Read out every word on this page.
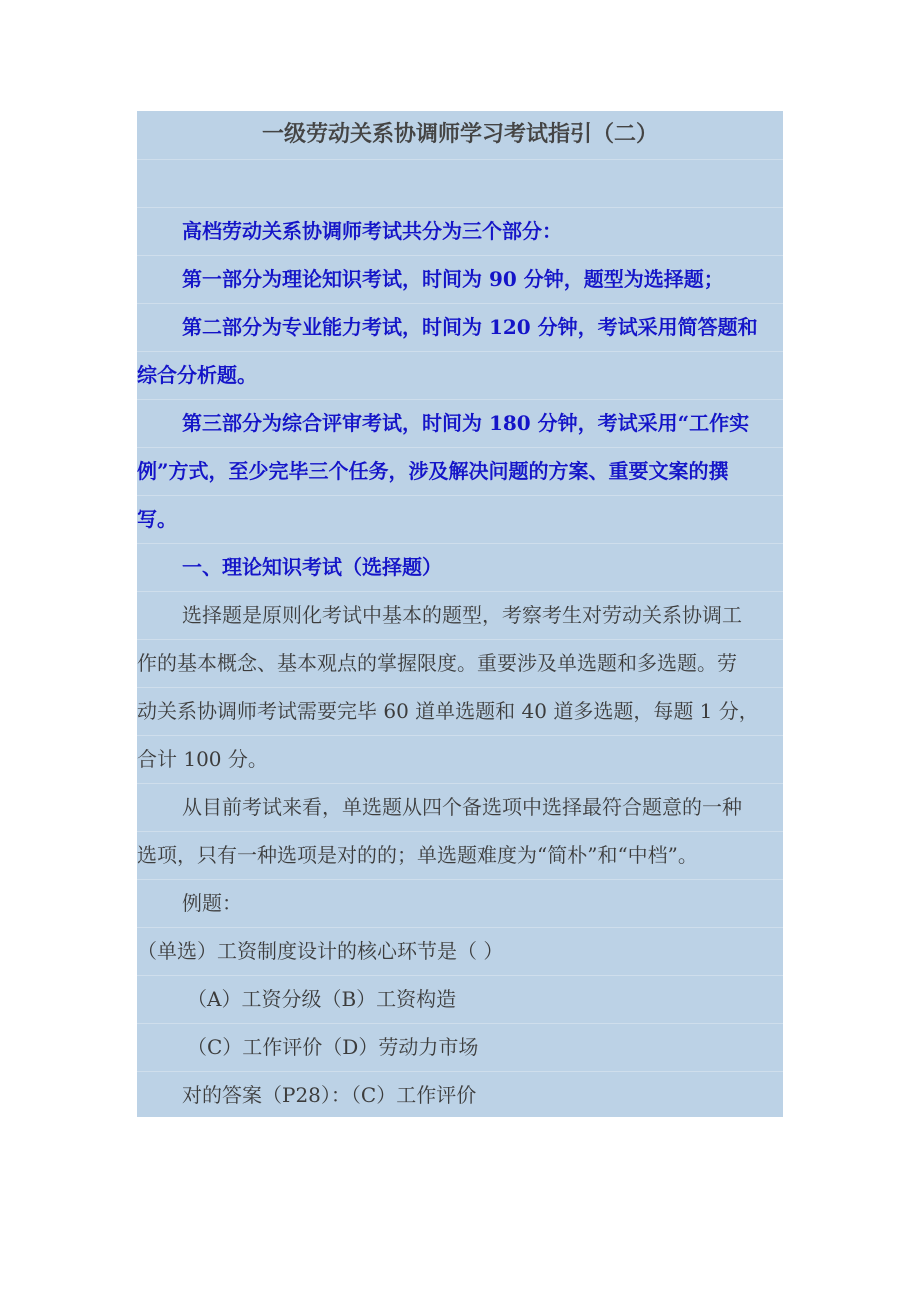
一级劳动关系协调师学习考试指引（二）
高档劳动关系协调师考试共分为三个部分：
第一部分为理论知识考试，时间为 90 分钟，题型为选择题；
第二部分为专业能力考试，时间为 120 分钟，考试采用简答题和
综合分析题。
第三部分为综合评审考试，时间为 180 分钟，考试采用“工作实
例”方式，至少完毕三个任务，涉及解决问题的方案、重要文案的撰
写。
一、理论知识考试（选择题）
选择题是原则化考试中基本的题型，考察考生对劳动关系协调工
作的基本概念、基本观点的掌握限度。重要涉及单选题和多选题。劳
动关系协调师考试需要完毕 60 道单选题和 40 道多选题，每题 1 分，
合计 100 分。
从目前考试来看，单选题从四个备选项中选择最符合题意的一种
选项，只有一种选项是对的的；单选题难度为“简朴”和“中档”。
例题：
（单选）工资制度设计的核心环节是（ ）
（A）工资分级（B）工资构造
（C）工作评价（D）劳动力市场
对的答案（P28）：（C）工作评价
